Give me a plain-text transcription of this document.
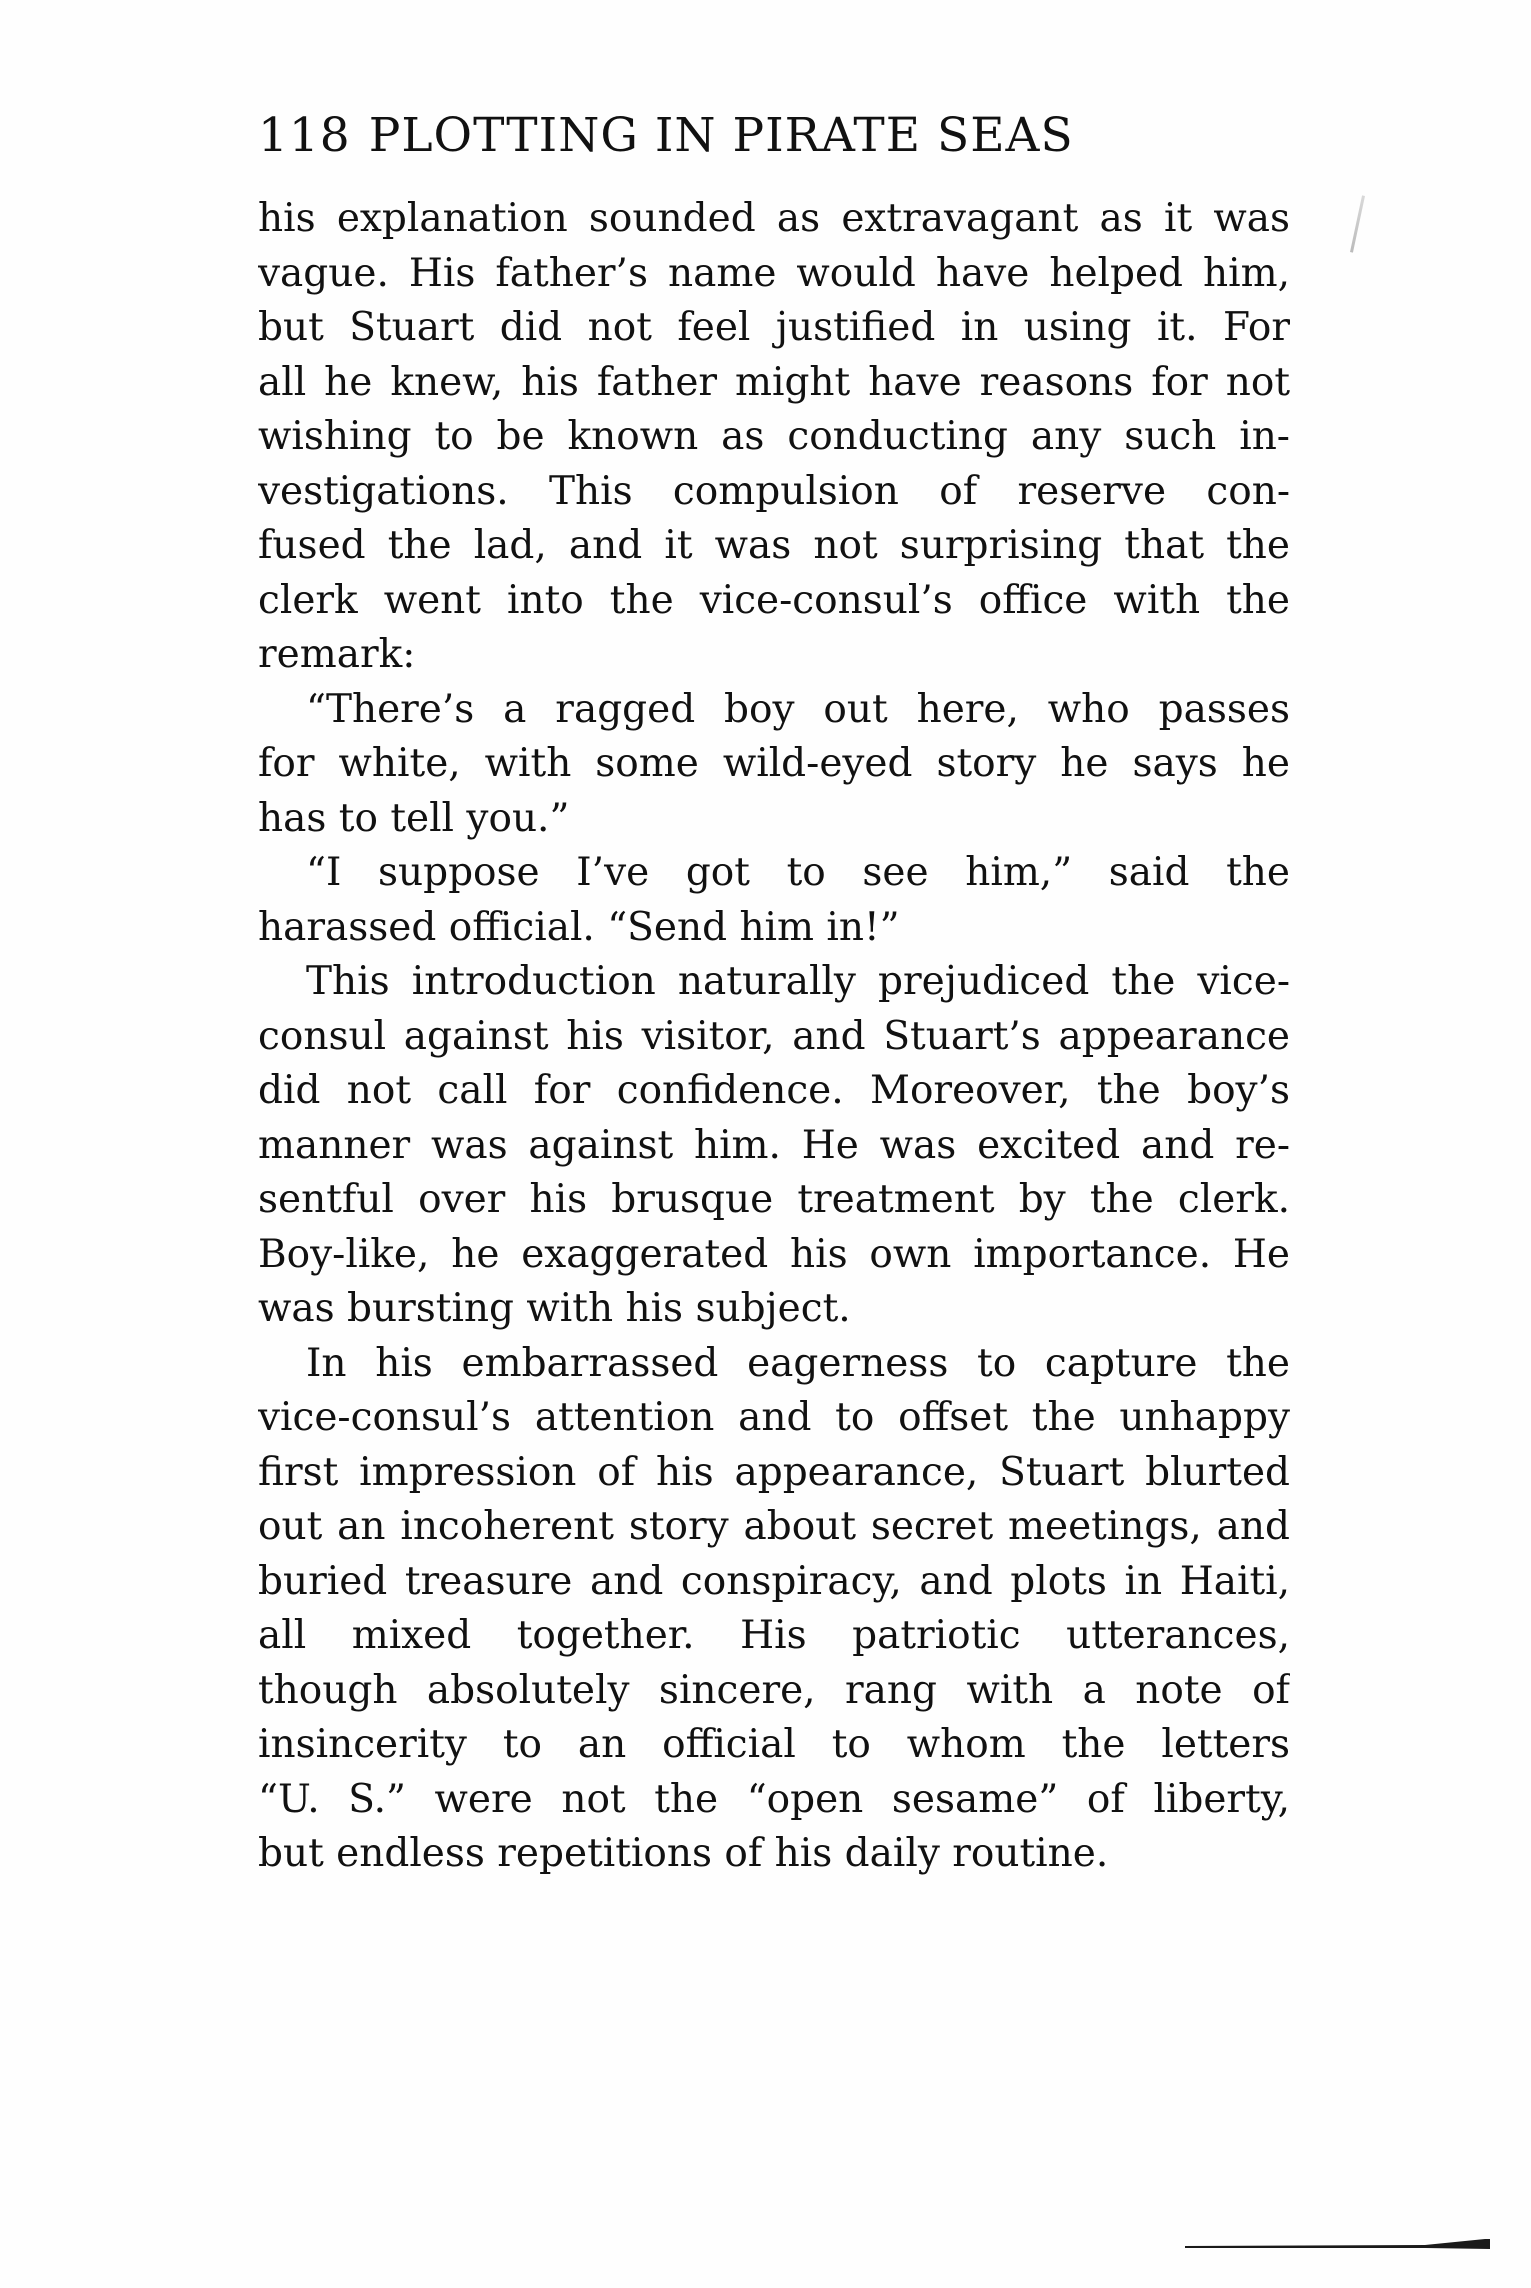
118 PLOTTING IN PIRATE SEAS
his explanation sounded as extravagant as it was
vague. His father’s name would have helped him,
but Stuart did not feel justified in using it. For
all he knew, his father might have reasons for not
wishing to be known as conducting any such in-
vestigations. This compulsion of reserve con-
fused the lad, and it was not surprising that the
clerk went into the vice-consul’s office with the
remark:
“There’s a ragged boy out here, who passes
for white, with some wild-eyed story he says he
has to tell you.”
“I suppose I’ve got to see him,” said the
harassed official. “Send him in!”
This introduction naturally prejudiced the vice-
consul against his visitor, and Stuart’s appearance
did not call for confidence. Moreover, the boy’s
manner was against him. He was excited and re-
sentful over his brusque treatment by the clerk.
Boy-like, he exaggerated his own importance. He
was bursting with his subject.
In his embarrassed eagerness to capture the
vice-consul’s attention and to offset the unhappy
first impression of his appearance, Stuart blurted
out an incoherent story about secret meetings, and
buried treasure and conspiracy, and plots in Haiti,
all mixed together. His patriotic utterances,
though absolutely sincere, rang with a note of
insincerity to an official to whom the letters
“U. S.” were not the “open sesame” of liberty,
but endless repetitions of his daily routine.
